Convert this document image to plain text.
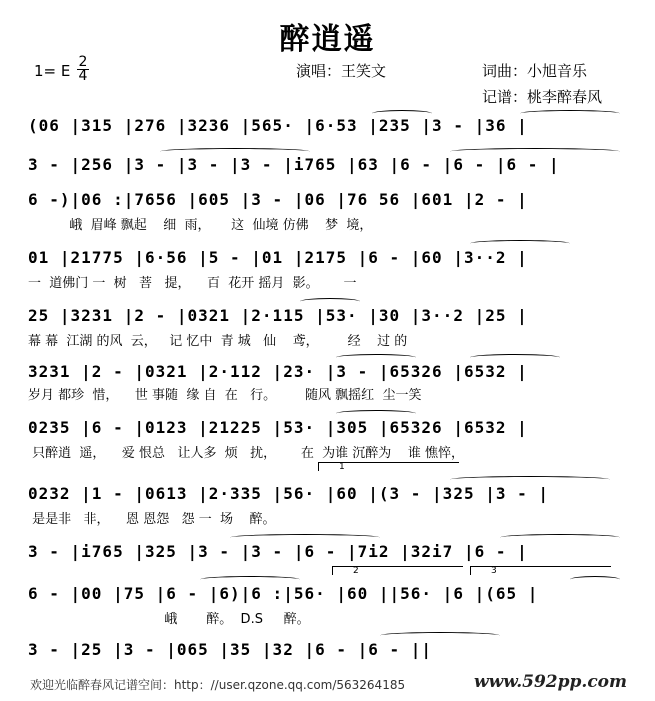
醉逍遥
1= E 2
4	演唱：王笑文	词曲：小旭音乐
记谱：桃李醉春风
(06 |315 |276 |3236 |565· |6·53 |235 |3 - |36 |
3 - |256 |3 - |3 - |3 - |i765 |63 |6 - |6 - |6 - |
6 -)|06 :|7656 |605 |3 - |06 |76 56 |601 |2 - |
峨  眉峰 飘起    细  雨，     这  仙境 仿佛    梦  境，
01 |21775 |6·56 |5 - |01 |2175 |6 - |60 |3··2 |
一  道佛门 一  树   菩   提，    百  花开 摇月  影。      一
25 |3231 |2 - |0321 |2·115 |53· |30 |3··2 |25 |
幕 幕  江湖 的风  云，   记 忆中  青 城   仙    鸢，       经    过 的
3231 |2 - |0321 |2·112 |23· |3 - |65326 |6532 |
岁月 都珍  惜，    世 事随  缘 自  在   行。       随风 飘摇红  尘一笑
0235 |6 - |0123 |21225 |53· |305 |65326 |6532 |
只醉逍  遥，    爱 恨总   让人多  烦   扰，      在  为谁 沉醉为    谁 憔悴，
1
0232 |1 - |0613 |2·335 |56· |60 |(3 - |325 |3 - |
是是非   非，    恩 恩怨   怨 一  场    醉。
3 - |i765 |325 |3 - |3 - |6 - |7i2 |32i7 |6 - |
2	3
6 - |00 |75 |6 - |6)|6 :|56· |60 ||56· |6 |(65 |
峨       醉。  D.S     醉。
3 - |25 |3 - |065 |35 |32 |6 - |6 - ||
欢迎光临醉春风记谱空间：http：//user.qzone.qq.com/563264185	www.592pp.com
